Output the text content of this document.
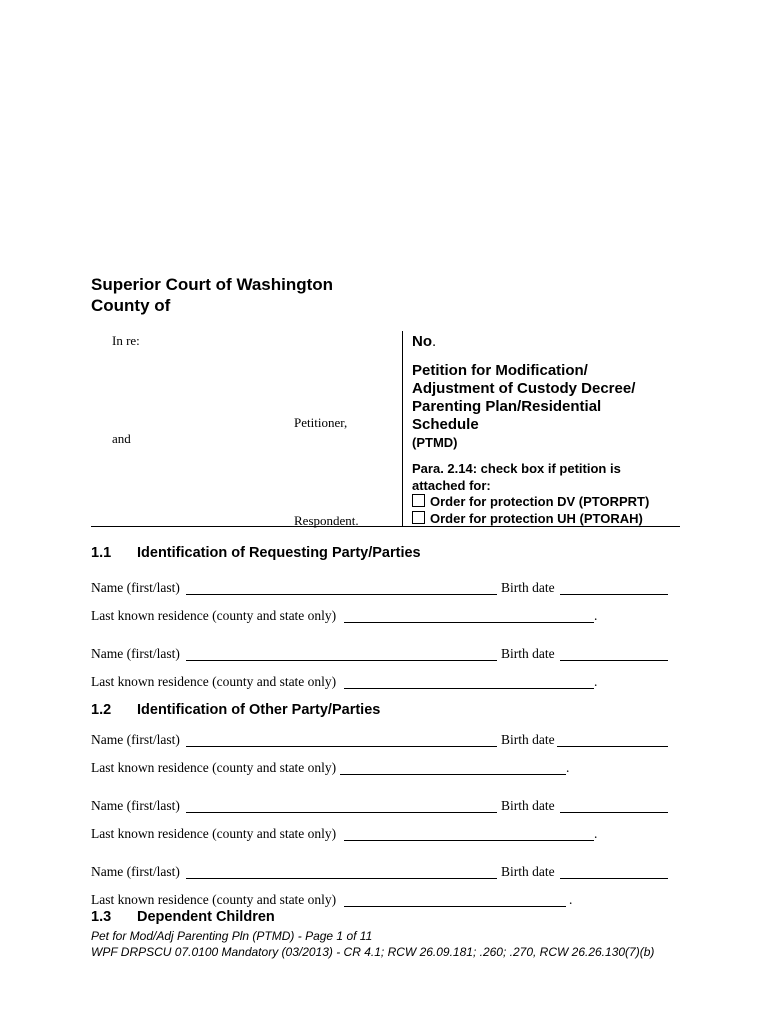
Superior Court of Washington
County of
In re:
Petitioner,
and
Respondent.
No.
Petition for Modification/
Adjustment of Custody Decree/
Parenting Plan/Residential
Schedule
(PTMD)
Para. 2.14: check box if petition is
attached for:
Order for protection DV (PTORPRT)
Order for protection UH (PTORAH)
1.1 Identification of Requesting Party/Parties
Name (first/last)	Birth date
Last known residence (county and state only)	.
Name (first/last)	Birth date
Last known residence (county and state only)	.
1.2 Identification of Other Party/Parties
Name (first/last)	Birth date
Last known residence (county and state only)	.
Name (first/last)	Birth date
Last known residence (county and state only)	.
Name (first/last)	Birth date
Last known residence (county and state only)	.
1.3 Dependent Children
Pet for Mod/Adj Parenting Pln (PTMD) - Page 1 of 11
WPF DRPSCU 07.0100 Mandatory (03/2013) - CR 4.1; RCW 26.09.181; .260; .270, RCW 26.26.130(7)(b)
